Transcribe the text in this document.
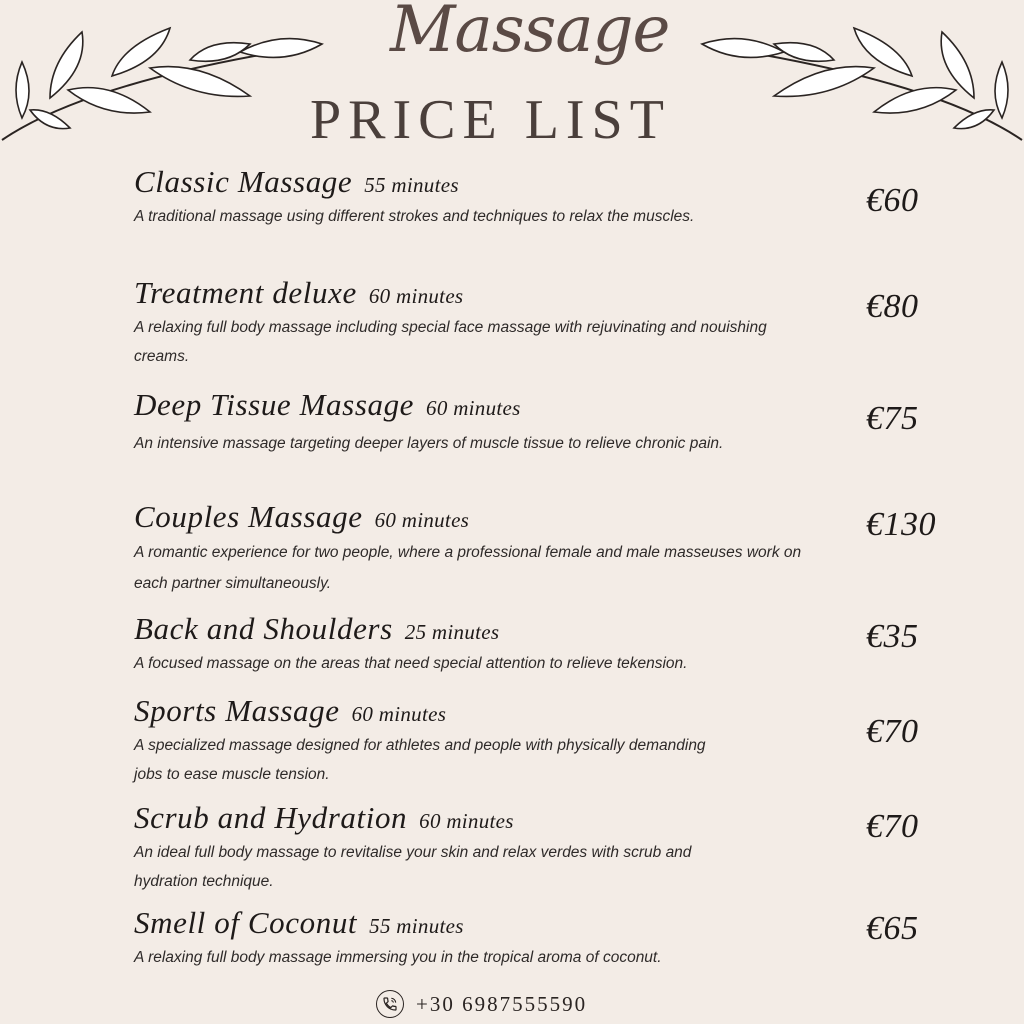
Massage
PRICE LIST
Classic Massage 55 minutes
A traditional massage using different strokes and techniques to relax the muscles.	€60
Treatment deluxe 60 minutes
A relaxing full body massage including special face massage with rejuvinating and nouishing creams.
€80
Deep Tissue Massage 60 minutes
An intensive massage targeting deeper layers of muscle tissue to relieve chronic pain.
€75
Couples Massage 60 minutes
A romantic experience for two people, where a professional female and male masseuses work on each partner simultaneously.
€130
Back and Shoulders 25 minutes
A focused massage on the areas that need special attention to relieve tekension.
€35
Sports Massage 60 minutes
A specialized massage designed for athletes and people with physically demanding jobs to ease muscle tension.
€70
Scrub and Hydration 60 minutes
An ideal full body massage to revitalise your skin and relax verdes with scrub and hydration technique.
€70
Smell of Coconut 55 minutes
A relaxing full body massage immersing you in the tropical aroma of coconut.
€65
+30 6987555590
